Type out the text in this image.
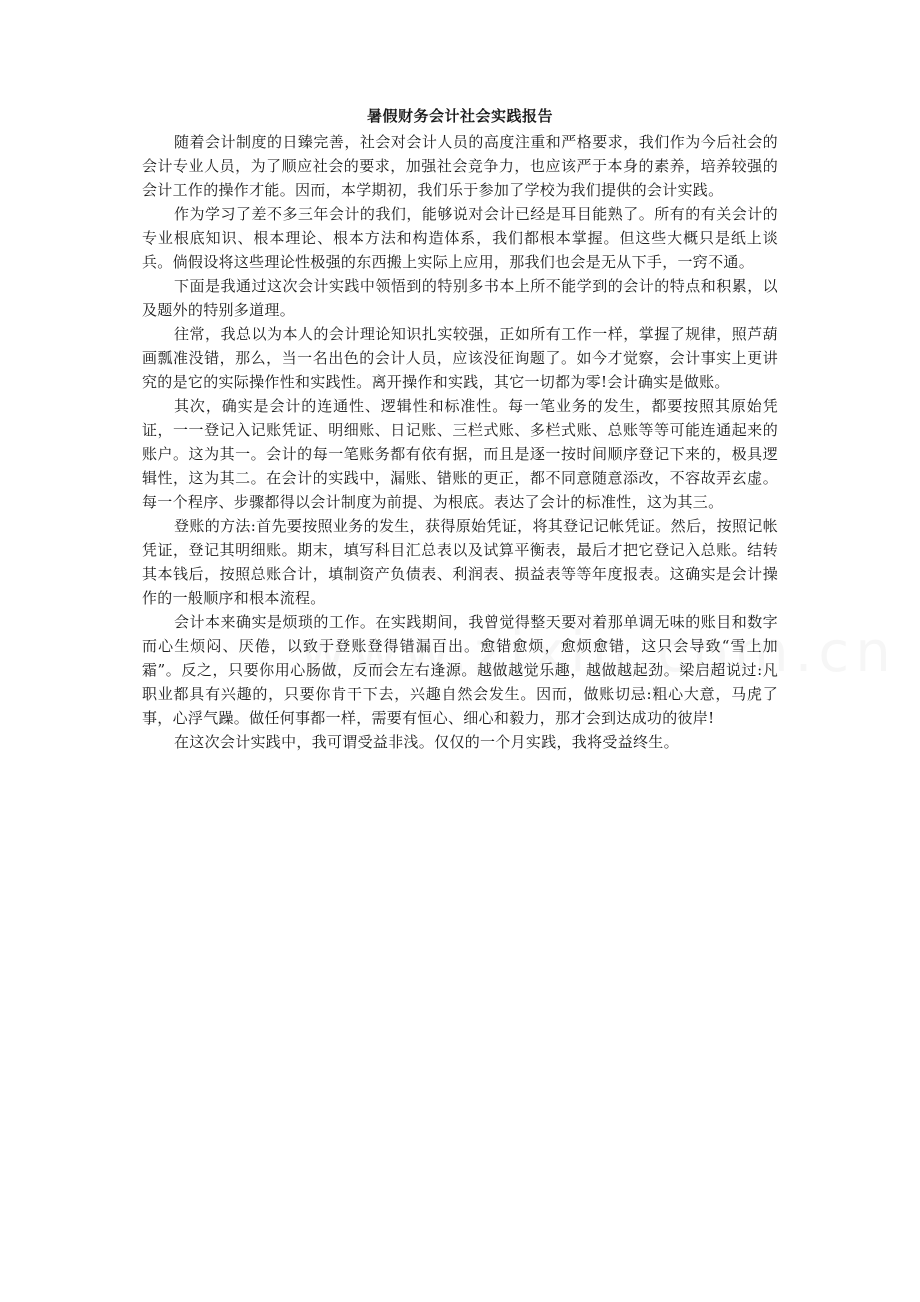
暑假财务会计社会实践报告

随着会计制度的日臻完善，社会对会计人员的高度注重和严格要求，我们作为今后社会的会计专业人员，为了顺应社会的要求，加强社会竞争力，也应该严于本身的素养，培养较强的会计工作的操作才能。因而，本学期初，我们乐于参加了学校为我们提供的会计实践。

作为学习了差不多三年会计的我们，能够说对会计已经是耳目能熟了。所有的有关会计的专业根底知识、根本理论、根本方法和构造体系，我们都根本掌握。但这些大概只是纸上谈兵。倘假设将这些理论性极强的东西搬上实际上应用，那我们也会是无从下手，一窍不通。

下面是我通过这次会计实践中领悟到的特别多书本上所不能学到的会计的特点和积累，以及题外的特别多道理。

往常，我总以为本人的会计理论知识扎实较强，正如所有工作一样，掌握了规律，照芦葫画瓢准没错，那么，当一名出色的会计人员，应该没征询题了。如今才觉察，会计事实上更讲究的是它的实际操作性和实践性。离开操作和实践，其它一切都为零!会计确实是做账。

其次，确实是会计的连通性、逻辑性和标准性。每一笔业务的发生，都要按照其原始凭证，一一登记入记账凭证、明细账、日记账、三栏式账、多栏式账、总账等等可能连通起来的账户。这为其一。会计的每一笔账务都有依有据，而且是逐一按时间顺序登记下来的，极具逻辑性，这为其二。在会计的实践中，漏账、错账的更正，都不同意随意添改，不容故弄玄虚。每一个程序、步骤都得以会计制度为前提、为根底。表达了会计的标准性，这为其三。

登账的方法:首先要按照业务的发生，获得原始凭证，将其登记记帐凭证。然后，按照记帐凭证，登记其明细账。期末，填写科目汇总表以及试算平衡表，最后才把它登记入总账。结转其本钱后，按照总账合计，填制资产负债表、利润表、损益表等等年度报表。这确实是会计操作的一般顺序和根本流程。

会计本来确实是烦琐的工作。在实践期间，我曾觉得整天要对着那单调无味的账目和数字而心生烦闷、厌倦，以致于登账登得错漏百出。愈错愈烦，愈烦愈错，这只会导致“雪上加霜”。反之，只要你用心肠做，反而会左右逢源。越做越觉乐趣，越做越起劲。梁启超说过:凡职业都具有兴趣的，只要你肯干下去，兴趣自然会发生。因而，做账切忌:粗心大意，马虎了事，心浮气躁。做任何事都一样，需要有恒心、细心和毅力，那才会到达成功的彼岸!

在这次会计实践中，我可谓受益非浅。仅仅的一个月实践，我将受益终生。
